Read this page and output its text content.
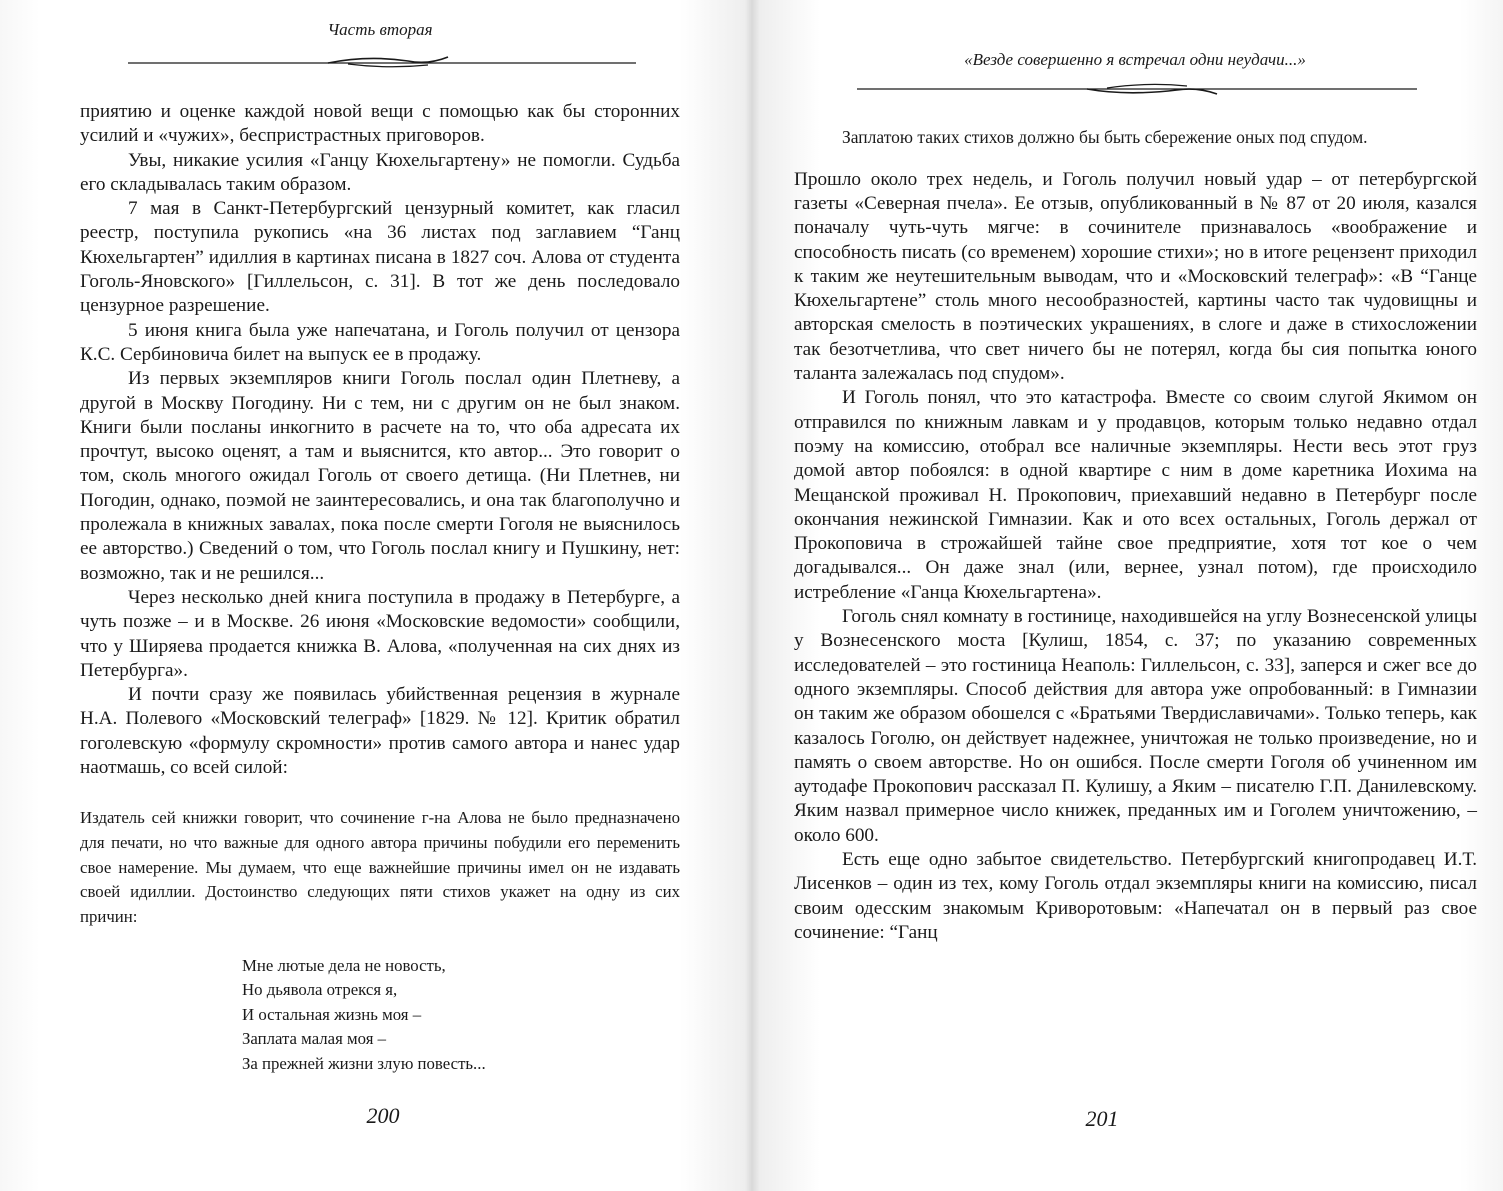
Часть вторая

приятию и оценке каждой новой вещи с помощью как бы сторонних усилий и «чужих», беспристрастных приговоров.

Увы, никакие усилия «Ганцу Кюхельгартену» не помогли. Судьба его складывалась таким образом.

7 мая в Санкт-Петербургский цензурный комитет, как гласил реестр, поступила рукопись «на 36 листах под заглавием “Ганц Кюхельгартен” идиллия в картинах писана в 1827 соч. Алова от студента Гоголь-Яновского» [Гиллельсон, с. 31]. В тот же день последовало цензурное разрешение.

5 июня книга была уже напечатана, и Гоголь получил от цензора К.С. Сербиновича билет на выпуск ее в продажу.

Из первых экземпляров книги Гоголь послал один Плетневу, а другой в Москву Погодину. Ни с тем, ни с другим он не был знаком. Книги были посланы инкогнито в расчете на то, что оба адресата их прочтут, высоко оценят, а там и выяснится, кто автор... Это говорит о том, сколь многого ожидал Гоголь от своего детища. (Ни Плетнев, ни Погодин, однако, поэмой не заинтересовались, и она так благополучно и пролежала в книжных завалах, пока после смерти Гоголя не выяснилось ее авторство.) Сведений о том, что Гоголь послал книгу и Пушкину, нет: возможно, так и не решился...

Через несколько дней книга поступила в продажу в Петербурге, а чуть позже – и в Москве. 26 июня «Московские ведомости» сообщили, что у Ширяева продается книжка В. Алова, «полученная на сих днях из Петербурга».

И почти сразу же появилась убийственная рецензия в журнале Н.А. Полевого «Московский телеграф» [1829. № 12]. Критик обратил гоголевскую «формулу скромности» против самого автора и нанес удар наотмашь, со всей силой:

Издатель сей книжки говорит, что сочинение г-на Алова не было предназначено для печати, но что важные для одного автора причины побудили его переменить свое намерение. Мы думаем, что еще важнейшие причины имел он не издавать своей идиллии. Достоинство следующих пяти стихов укажет на одну из сих причин:

Мне лютые дела не новость,
Но дьявола отрекся я,
И остальная жизнь моя –
Заплата малая моя –
За прежней жизни злую повесть...
200
«Везде совершенно я встречал одни неудачи...»

Заплатою таких стихов должно бы быть сбережение оных под спудом.

Прошло около трех недель, и Гоголь получил новый удар – от петербургской газеты «Северная пчела». Ее отзыв, опубликованный в № 87 от 20 июля, казался поначалу чуть-чуть мягче: в сочинителе признавалось «воображение и способность писать (со временем) хорошие стихи»; но в итоге рецензент приходил к таким же неутешительным выводам, что и «Московский телеграф»: «В “Ганце Кюхельгартене” столь много несообразностей, картины часто так чудовищны и авторская смелость в поэтических украшениях, в слоге и даже в стихосложении так безотчетлива, что свет ничего бы не потерял, когда бы сия попытка юного таланта залежалась под спудом».

И Гоголь понял, что это катастрофа. Вместе со своим слугой Якимом он отправился по книжным лавкам и у продавцов, которым только недавно отдал поэму на комиссию, отобрал все наличные экземпляры. Нести весь этот груз домой автор побоялся: в одной квартире с ним в доме каретника Иохима на Мещанской проживал Н. Прокопович, приехавший недавно в Петербург после окончания нежинской Гимназии. Как и ото всех остальных, Гоголь держал от Прокоповича в строжайшей тайне свое предприятие, хотя тот кое о чем догадывался... Он даже знал (или, вернее, узнал потом), где происходило истребление «Ганца Кюхельгартена».

Гоголь снял комнату в гостинице, находившейся на углу Вознесенской улицы у Вознесенского моста [Кулиш, 1854, с. 37; по указанию современных исследователей – это гостиница Неаполь: Гиллельсон, с. 33], заперся и сжег все до одного экземпляры. Способ действия для автора уже опробованный: в Гимназии он таким же образом обошелся с «Братьями Твердиславичами». Только теперь, как казалось Гоголю, он действует надежнее, уничтожая не только произведение, но и память о своем авторстве. Но он ошибся. После смерти Гоголя об учиненном им аутодафе Прокопович рассказал П. Кулишу, а Яким – писателю Г.П. Данилевскому. Яким назвал примерное число книжек, преданных им и Гоголем уничтожению, – около 600.

Есть еще одно забытое свидетельство. Петербургский книгопродавец И.Т. Лисенков – один из тех, кому Гоголь отдал экземпляры книги на комиссию, писал своим одесским знакомым Криворотовым: «Напечатал он в первый раз свое сочинение: “Ганц

201
